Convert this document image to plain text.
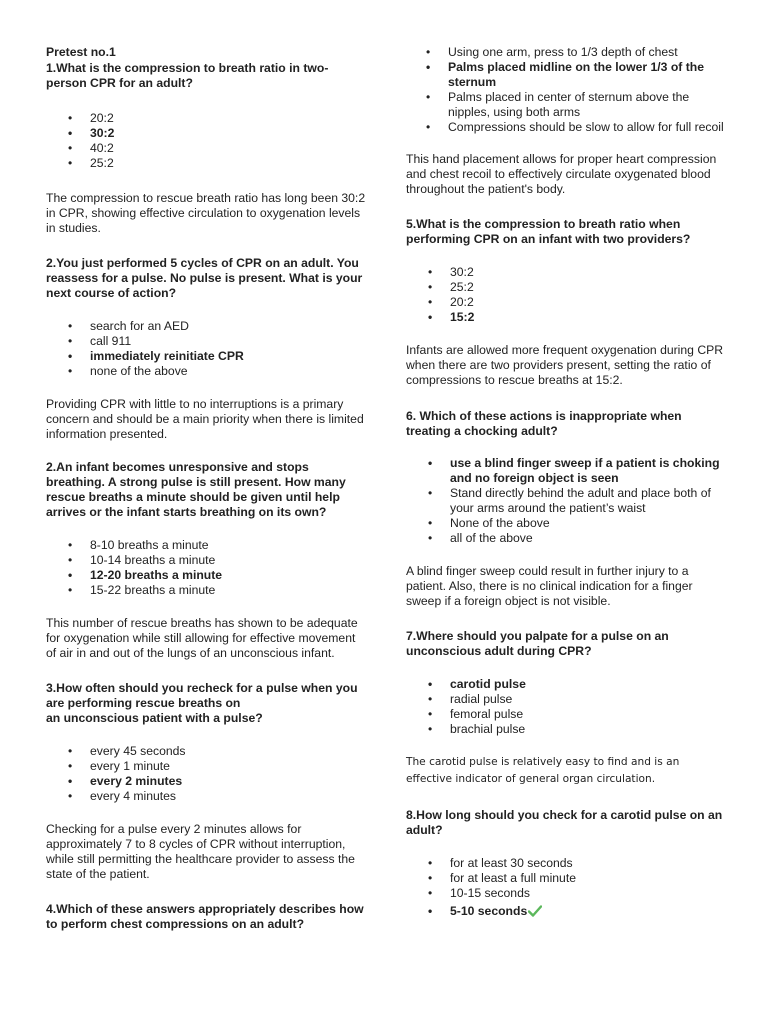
Pretest no.1

1.What is the compression to breath ratio in two-person CPR for an adult?

• 20:2
• 30:2
• 40:2
• 25:2

The compression to rescue breath ratio has long been 30:2 in CPR, showing effective circulation to oxygenation levels in studies.

2.You just performed 5 cycles of CPR on an adult. You reassess for a pulse. No pulse is present. What is your next course of action?

• search for an AED
• call 911
• immediately reinitiate CPR
• none of the above

Providing CPR with little to no interruptions is a primary concern and should be a main priority when there is limited information presented.

2.An infant becomes unresponsive and stops breathing. A strong pulse is still present. How many rescue breaths a minute should be given until help arrives or the infant starts breathing on its own?

• 8-10 breaths a minute
• 10-14 breaths a minute
• 12-20 breaths a minute
• 15-22 breaths a minute

This number of rescue breaths has shown to be adequate for oxygenation while still allowing for effective movement of air in and out of the lungs of an unconscious infant.

3.How often should you recheck for a pulse when you are performing rescue breaths on
an unconscious patient with a pulse?

• every 45 seconds
• every 1 minute
• every 2 minutes
• every 4 minutes

Checking for a pulse every 2 minutes allows for approximately 7 to 8 cycles of CPR without interruption, while still permitting the healthcare provider to assess the state of the patient.

4.Which of these answers appropriately describes how to perform chest compressions on an adult?

• Using one arm, press to 1/3 depth of chest
• Palms placed midline on the lower 1/3 of the sternum
• Palms placed in center of sternum above the nipples, using both arms
• Compressions should be slow to allow for full recoil

This hand placement allows for proper heart compression and chest recoil to effectively circulate oxygenated blood throughout the patient's body.

5.What is the compression to breath ratio when performing CPR on an infant with two providers?

• 30:2
• 25:2
• 20:2
• 15:2

Infants are allowed more frequent oxygenation during CPR when there are two providers present, setting the ratio of compressions to rescue breaths at 15:2.

6. Which of these actions is inappropriate when treating a chocking adult?

• use a blind finger sweep if a patient is choking and no foreign object is seen
• Stand directly behind the adult and place both of your arms around the patient’s waist
• None of the above
• all of the above

A blind finger sweep could result in further injury to a patient. Also, there is no clinical indication for a finger sweep if a foreign object is not visible.

7.Where should you palpate for a pulse on an unconscious adult during CPR?

• carotid pulse
• radial pulse
• femoral pulse
• brachial pulse

The carotid pulse is relatively easy to find and is an effective indicator of general organ circulation.

8.How long should you check for a carotid pulse on an adult?

• for at least 30 seconds
• for at least a full minute
• 10-15 seconds
• 5-10 seconds
